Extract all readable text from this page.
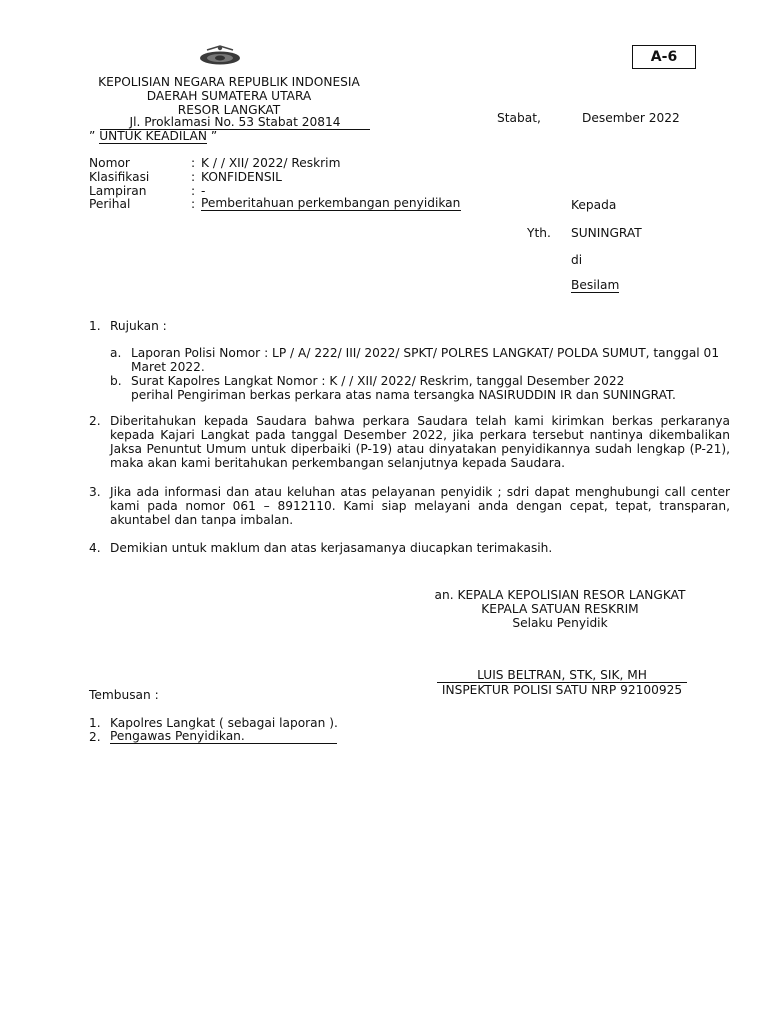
A-6
KEPOLISIAN NEGARA REPUBLIK INDONESIA
DAERAH SUMATERA UTARA
RESOR LANGKAT
Jl. Proklamasi No. 53 Stabat 20814
” UNTUK KEADILAN ”
Stabat,	Desember 2022
Nomor	: K / / XII/ 2022/ Reskrim
Klasifikasi	: KONFIDENSIL
Lampiran	: -
Perihal	: Pemberitahuan perkembangan penyidikan	Kepada
Yth. SUNINGRAT
di
Besilam
1. Rujukan :
a. Laporan Polisi Nomor : LP / A/ 222/ III/ 2022/ SPKT/ POLRES LANGKAT/ POLDA SUMUT, tanggal 01 Maret 2022.
b. Surat Kapolres Langkat Nomor : K / / XII/ 2022/ Reskrim, tanggal Desember 2022
perihal Pengiriman berkas perkara atas nama tersangka NASIRUDDIN IR dan SUNINGRAT.
2. Diberitahukan kepada Saudara bahwa perkara Saudara telah kami kirimkan berkas perkaranya kepada Kajari Langkat pada tanggal Desember 2022, jika perkara tersebut nantinya dikembalikan Jaksa Penuntut Umum untuk diperbaiki (P-19) atau dinyatakan penyidikannya sudah lengkap (P-21), maka akan kami beritahukan perkembangan selanjutnya kepada Saudara.
3. Jika ada informasi dan atau keluhan atas pelayanan penyidik ; sdri dapat menghubungi call center kami pada nomor 061 – 8912110. Kami siap melayani anda dengan cepat, tepat, transparan, akuntabel dan tanpa imbalan.
4. Demikian untuk maklum dan atas kerjasamanya diucapkan terimakasih.
an. KEPALA KEPOLISIAN RESOR LANGKAT
KEPALA SATUAN RESKRIM
Selaku Penyidik
LUIS BELTRAN, STK, SIK, MH
INSPEKTUR POLISI SATU NRP 92100925
Tembusan :
1. Kapolres Langkat ( sebagai laporan ).
2. Pengawas Penyidikan.
